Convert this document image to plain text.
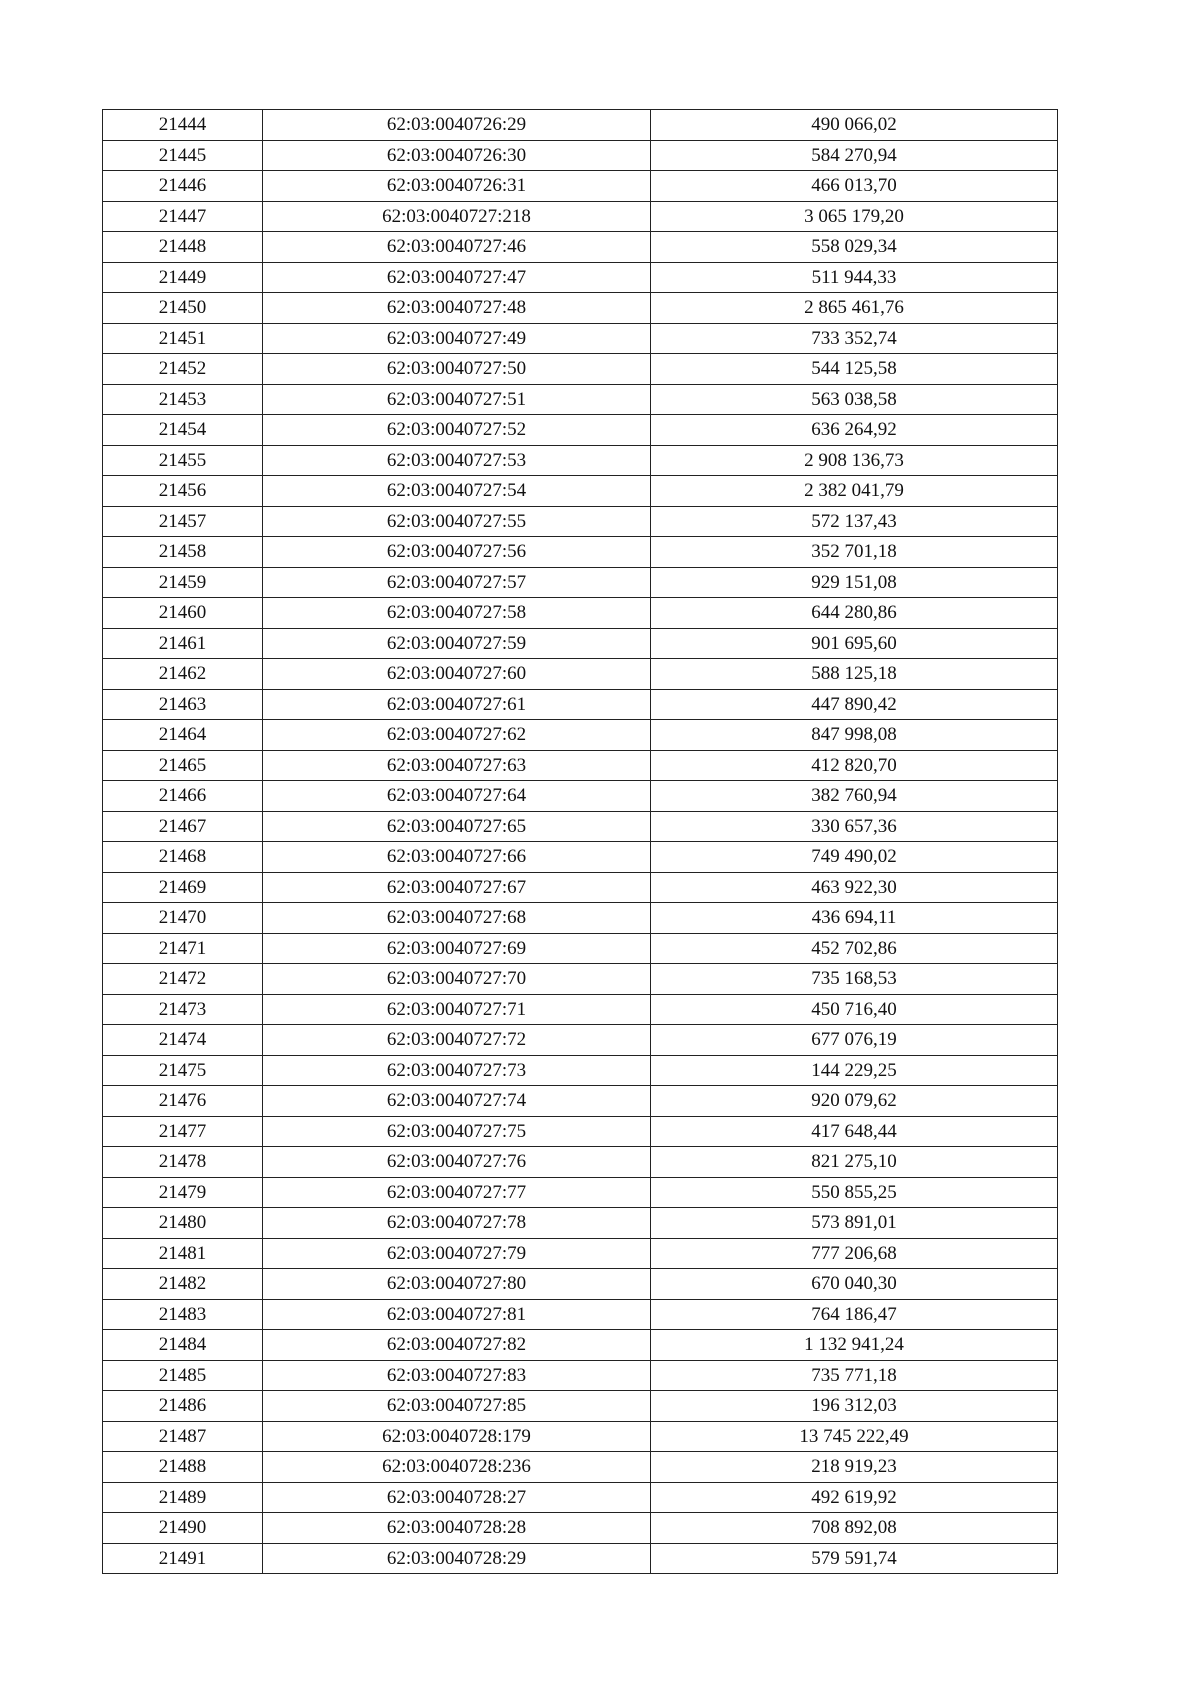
21444	62:03:0040726:29	490 066,02
21445	62:03:0040726:30	584 270,94
21446	62:03:0040726:31	466 013,70
21447	62:03:0040727:218	3 065 179,20
21448	62:03:0040727:46	558 029,34
21449	62:03:0040727:47	511 944,33
21450	62:03:0040727:48	2 865 461,76
21451	62:03:0040727:49	733 352,74
21452	62:03:0040727:50	544 125,58
21453	62:03:0040727:51	563 038,58
21454	62:03:0040727:52	636 264,92
21455	62:03:0040727:53	2 908 136,73
21456	62:03:0040727:54	2 382 041,79
21457	62:03:0040727:55	572 137,43
21458	62:03:0040727:56	352 701,18
21459	62:03:0040727:57	929 151,08
21460	62:03:0040727:58	644 280,86
21461	62:03:0040727:59	901 695,60
21462	62:03:0040727:60	588 125,18
21463	62:03:0040727:61	447 890,42
21464	62:03:0040727:62	847 998,08
21465	62:03:0040727:63	412 820,70
21466	62:03:0040727:64	382 760,94
21467	62:03:0040727:65	330 657,36
21468	62:03:0040727:66	749 490,02
21469	62:03:0040727:67	463 922,30
21470	62:03:0040727:68	436 694,11
21471	62:03:0040727:69	452 702,86
21472	62:03:0040727:70	735 168,53
21473	62:03:0040727:71	450 716,40
21474	62:03:0040727:72	677 076,19
21475	62:03:0040727:73	144 229,25
21476	62:03:0040727:74	920 079,62
21477	62:03:0040727:75	417 648,44
21478	62:03:0040727:76	821 275,10
21479	62:03:0040727:77	550 855,25
21480	62:03:0040727:78	573 891,01
21481	62:03:0040727:79	777 206,68
21482	62:03:0040727:80	670 040,30
21483	62:03:0040727:81	764 186,47
21484	62:03:0040727:82	1 132 941,24
21485	62:03:0040727:83	735 771,18
21486	62:03:0040727:85	196 312,03
21487	62:03:0040728:179	13 745 222,49
21488	62:03:0040728:236	218 919,23
21489	62:03:0040728:27	492 619,92
21490	62:03:0040728:28	708 892,08
21491	62:03:0040728:29	579 591,74
